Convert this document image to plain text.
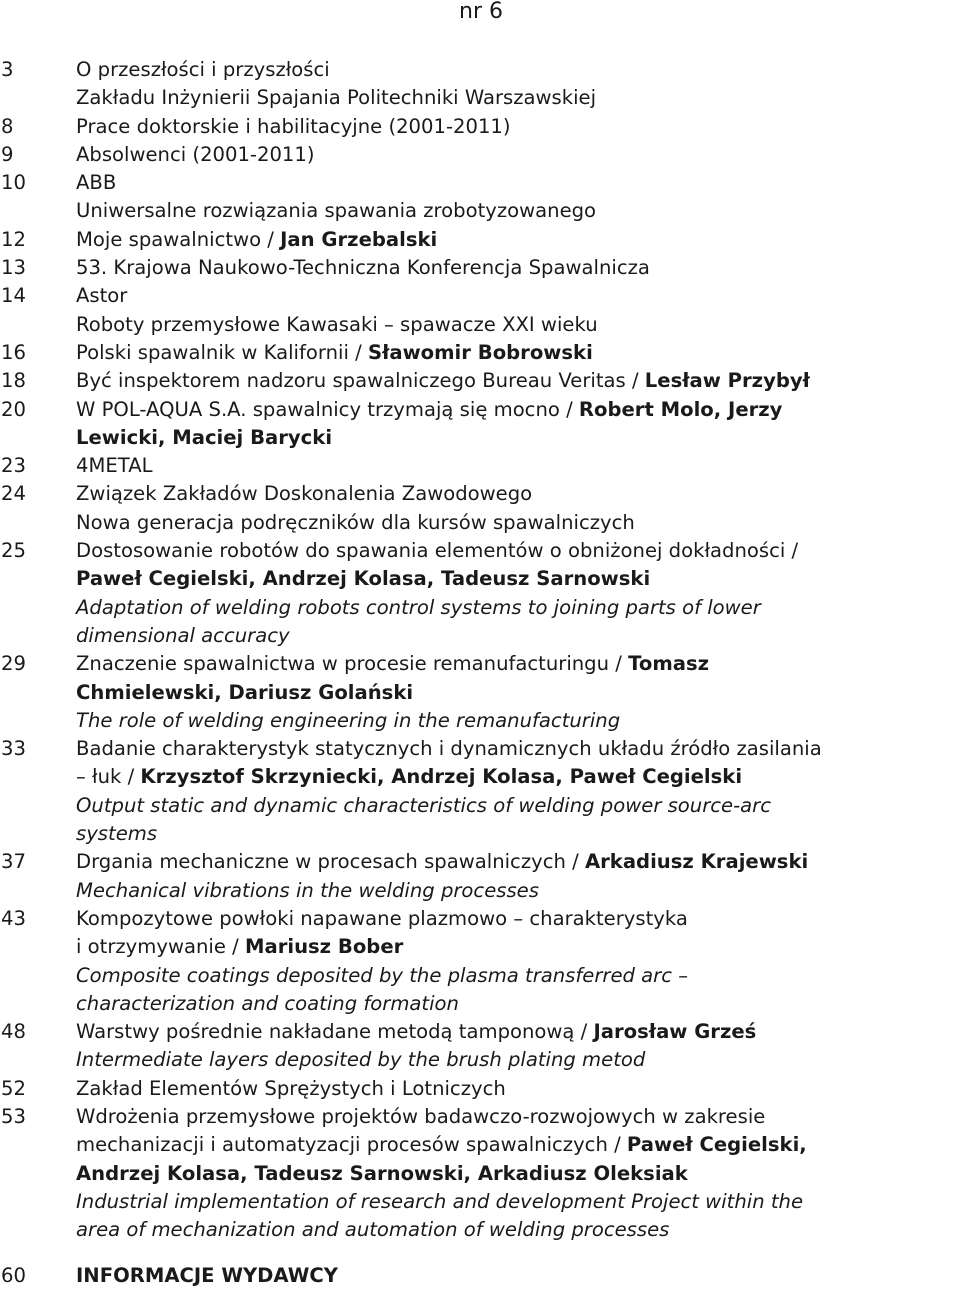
nr 6
3	O przeszłości i przyszłości
Zakładu Inżynierii Spajania Politechniki Warszawskiej
8	Prace doktorskie i habilitacyjne (2001-2011)
9	Absolwenci (2001-2011)
10	ABB
Uniwersalne rozwiązania spawania zrobotyzowanego
12	Moje spawalnictwo / Jan Grzebalski
13	53. Krajowa Naukowo-Techniczna Konferencja Spawalnicza
14	Astor
Roboty przemysłowe Kawasaki – spawacze XXI wieku
16	Polski spawalnik w Kalifornii / Sławomir Bobrowski
18	Być inspektorem nadzoru spawalniczego Bureau Veritas / Lesław Przybył
20	W POL-AQUA S.A. spawalnicy trzymają się mocno / Robert Molo, Jerzy
Lewicki, Maciej Barycki
23	4METAL
24	Związek Zakładów Doskonalenia Zawodowego
Nowa generacja podręczników dla kursów spawalniczych
25	Dostosowanie robotów do spawania elementów o obniżonej dokładności /
Paweł Cegielski, Andrzej Kolasa, Tadeusz Sarnowski
Adaptation of welding robots control systems to joining parts of lower
dimensional accuracy
29	Znaczenie spawalnictwa w procesie remanufacturingu / Tomasz
Chmielewski, Dariusz Golański
The role of welding engineering in the remanufacturing
33	Badanie charakterystyk statycznych i dynamicznych układu źródło zasilania
– łuk / Krzysztof Skrzyniecki, Andrzej Kolasa, Paweł Cegielski
Output static and dynamic characteristics of welding power source-arc
systems
37	Drgania mechaniczne w procesach spawalniczych / Arkadiusz Krajewski
Mechanical vibrations in the welding processes
43	Kompozytowe powłoki napawane plazmowo – charakterystyka
i otrzymywanie / Mariusz Bober
Composite coatings deposited by the plasma transferred arc –
characterization and coating formation
48	Warstwy pośrednie nakładane metodą tamponową / Jarosław Grześ
Intermediate layers deposited by the brush plating metod
52	Zakład Elementów Sprężystych i Lotniczych
53	Wdrożenia przemysłowe projektów badawczo-rozwojowych w zakresie
mechanizacji i automatyzacji procesów spawalniczych / Paweł Cegielski,
Andrzej Kolasa, Tadeusz Sarnowski, Arkadiusz Oleksiak
Industrial implementation of research and development Project within the
area of mechanization and automation of welding processes
60	INFORMACJE WYDAWCY
